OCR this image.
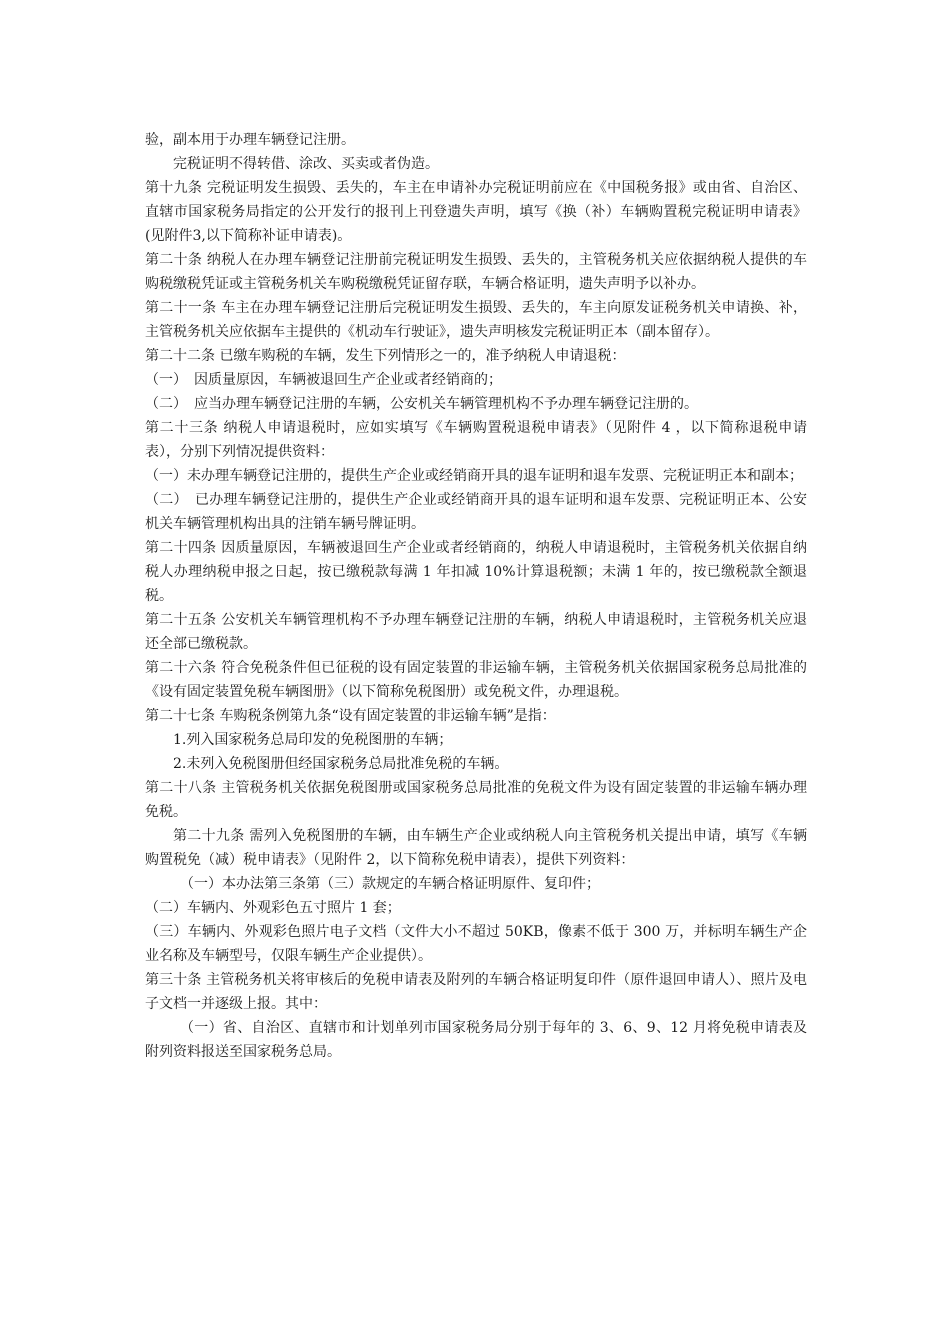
验，副本用于办理车辆登记注册。

完税证明不得转借、涂改、买卖或者伪造。

第十九条 完税证明发生损毁、丢失的，车主在申请补办完税证明前应在《中国税务报》或由省、自治区、直辖市国家税务局指定的公开发行的报刊上刊登遗失声明，填写《换（补）车辆购置税完税证明申请表》(见附件3,以下简称补证申请表)。

第二十条 纳税人在办理车辆登记注册前完税证明发生损毁、丢失的，主管税务机关应依据纳税人提供的车购税缴税凭证或主管税务机关车购税缴税凭证留存联，车辆合格证明，遗失声明予以补办。

第二十一条 车主在办理车辆登记注册后完税证明发生损毁、丢失的，车主向原发证税务机关申请换、补，主管税务机关应依据车主提供的《机动车行驶证》，遗失声明核发完税证明正本（副本留存）。

第二十二条 已缴车购税的车辆，发生下列情形之一的，准予纳税人申请退税：

（一）　因质量原因，车辆被退回生产企业或者经销商的；

（二）　应当办理车辆登记注册的车辆，公安机关车辆管理机构不予办理车辆登记注册的。

第二十三条 纳税人申请退税时，应如实填写《车辆购置税退税申请表》（见附件 4 ，以下简称退税申请表），分别下列情况提供资料：

（一）未办理车辆登记注册的，提供生产企业或经销商开具的退车证明和退车发票、完税证明正本和副本；

（二）　已办理车辆登记注册的，提供生产企业或经销商开具的退车证明和退车发票、完税证明正本、公安机关车辆管理机构出具的注销车辆号牌证明。

第二十四条 因质量原因，车辆被退回生产企业或者经销商的，纳税人申请退税时，主管税务机关依据自纳税人办理纳税申报之日起，按已缴税款每满 1 年扣减 10%计算退税额；未满 1 年的，按已缴税款全额退税。

第二十五条 公安机关车辆管理机构不予办理车辆登记注册的车辆，纳税人申请退税时，主管税务机关应退还全部已缴税款。

第二十六条 符合免税条件但已征税的设有固定装置的非运输车辆，主管税务机关依据国家税务总局批准的《设有固定装置免税车辆图册》（以下简称免税图册）或免税文件，办理退税。

第二十七条 车购税条例第九条“设有固定装置的非运输车辆”是指：

1.列入国家税务总局印发的免税图册的车辆；

2.未列入免税图册但经国家税务总局批准免税的车辆。

第二十八条 主管税务机关依据免税图册或国家税务总局批准的免税文件为设有固定装置的非运输车辆办理免税。

第二十九条 需列入免税图册的车辆，由车辆生产企业或纳税人向主管税务机关提出申请，填写《车辆购置税免（减）税申请表》（见附件 2，以下简称免税申请表），提供下列资料：

（一）本办法第三条第（三）款规定的车辆合格证明原件、复印件；

（二）车辆内、外观彩色五寸照片 1 套；

（三）车辆内、外观彩色照片电子文档（文件大小不超过 50KB，像素不低于 300 万，并标明车辆生产企业名称及车辆型号，仅限车辆生产企业提供）。

第三十条 主管税务机关将审核后的免税申请表及附列的车辆合格证明复印件（原件退回申请人）、照片及电子文档一并逐级上报。其中：

（一）省、自治区、直辖市和计划单列市国家税务局分别于每年的 3、6、9、12 月将免税申请表及附列资料报送至国家税务总局。
